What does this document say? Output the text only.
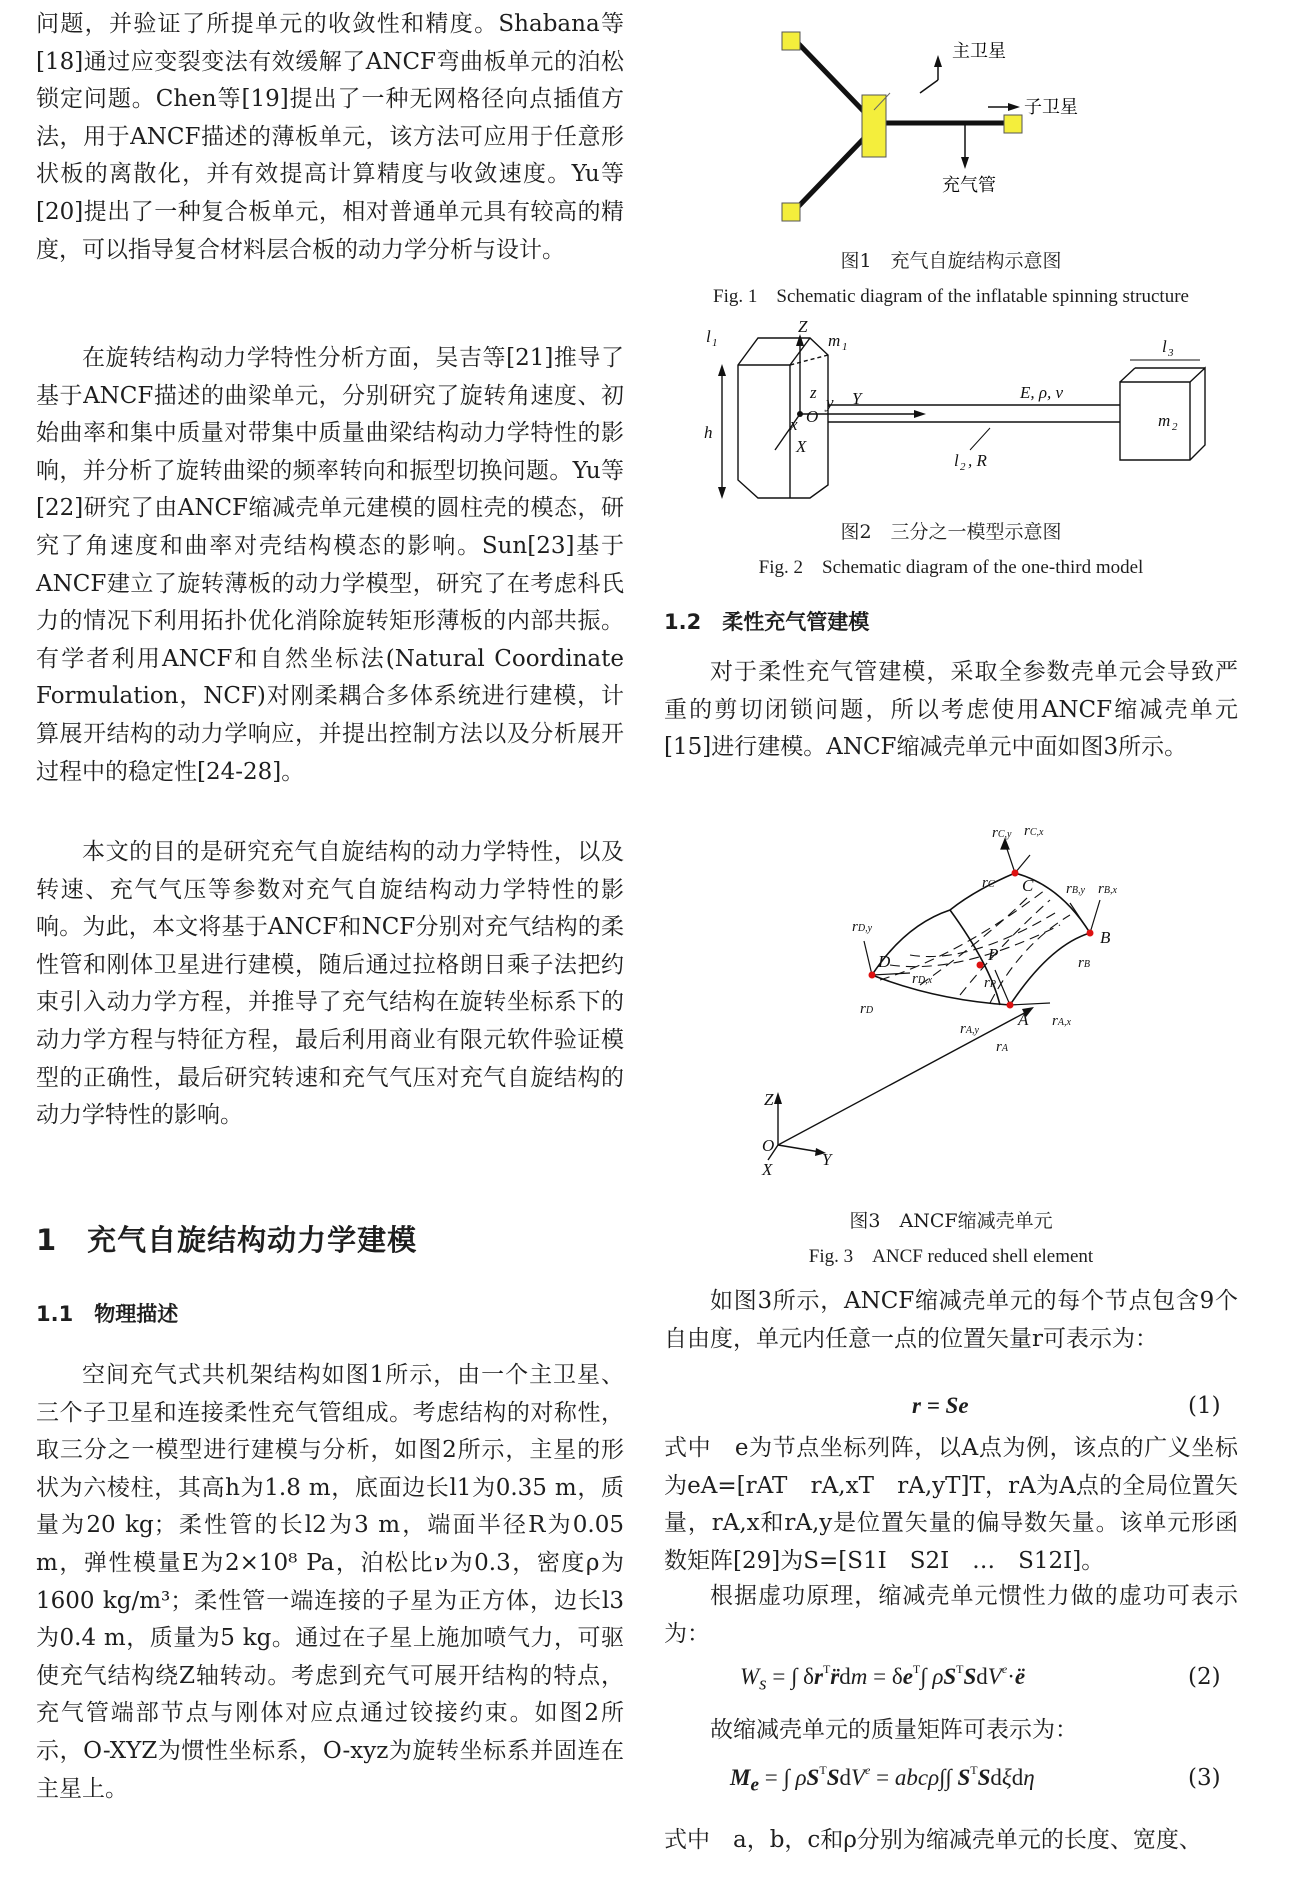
问题，并验证了所提单元的收敛性和精度。Shabana等[18]通过应变裂变法有效缓解了ANCF弯曲板单元的泊松锁定问题。Chen等[19]提出了一种无网格径向点插值方法，用于ANCF描述的薄板单元，该方法可应用于任意形状板的离散化，并有效提高计算精度与收敛速度。Yu等[20]提出了一种复合板单元，相对普通单元具有较高的精度，可以指导复合材料层合板的动力学分析与设计。

在旋转结构动力学特性分析方面，吴吉等[21]推导了基于ANCF描述的曲梁单元，分别研究了旋转角速度、初始曲率和集中质量对带集中质量曲梁结构动力学特性的影响，并分析了旋转曲梁的频率转向和振型切换问题。Yu等[22]研究了由ANCF缩减壳单元建模的圆柱壳的模态，研究了角速度和曲率对壳结构模态的影响。Sun[23]基于ANCF建立了旋转薄板的动力学模型，研究了在考虑科氏力的情况下利用拓扑优化消除旋转矩形薄板的内部共振。有学者利用ANCF和自然坐标法(Natural Coordinate Formulation，NCF)对刚柔耦合多体系统进行建模，计算展开结构的动力学响应，并提出控制方法以及分析展开过程中的稳定性[24-28]。

本文的目的是研究充气自旋结构的动力学特性，以及转速、充气气压等参数对充气自旋结构动力学特性的影响。为此，本文将基于ANCF和NCF分别对充气结构的柔性管和刚体卫星进行建模，随后通过拉格朗日乘子法把约束引入动力学方程，并推导了充气结构在旋转坐标系下的动力学方程与特征方程，最后利用商业有限元软件验证模型的正确性，最后研究转速和充气气压对充气自旋结构的动力学特性的影响。

1　充气自旋结构动力学建模
1.1　物理描述

空间充气式共机架结构如图1所示，由一个主卫星、三个子卫星和连接柔性充气管组成。考虑结构的对称性，取三分之一模型进行建模与分析，如图2所示，主星的形状为六棱柱，其高h为1.8 m，底面边长l1为0.35 m，质量为20 kg；柔性管的长l2为3 m，端面半径R为0.05 m，弹性模量E为2×10⁸ Pa，泊松比ν为0.3，密度ρ为1600 kg/m³；柔性管一端连接的子星为正方体，边长l3为0.4 m，质量为5 kg。通过在子星上施加喷气力，可驱使充气结构绕Z轴转动。考虑到充气可展开结构的特点，充气管端部节点与刚体对应点通过铰接约束。如图2所示，O-XYZ为惯性坐标系，O-xyz为旋转坐标系并固连在主星上。

主卫星
子卫星
充气管
图1　充气自旋结构示意图
Fig. 1　Schematic diagram of the inflatable spinning structure
l 1
Z
m 1
h
z
y Y
O
x
X
E, ρ, ν
l 2 , R
l 3
m 2
图2　三分之一模型示意图
Fig. 2　Schematic diagram of the one-third model
1.2　柔性充气管建模

对于柔性充气管建模，采取全参数壳单元会导致严重的剪切闭锁问题，所以考虑使用ANCF缩减壳单元[15]进行建模。ANCF缩减壳单元中面如图3所示。

rC,y rC,x
rC C rB,y rB,x
B
rB
rD,y
D
rD,x
rD
P
rP
rA,y
A rA,x
rA
Z
O
Y
X
图3　ANCF缩减壳单元
Fig. 3　ANCF reduced shell element

如图3所示，ANCF缩减壳单元的每个节点包含9个自由度，单元内任意一点的位置矢量r可表示为：

r = Se	(1)

式中　e为节点坐标列阵，以A点为例，该点的广义坐标为eA=[rAT　rA,xT　rA,yT]T，rA为A点的全局位置矢量，rA,x和rA,y是位置矢量的偏导数矢量。该单元形函数矩阵[29]为S=[S1I　S2I　…　S12I]。

根据虚功原理，缩减壳单元惯性力做的虚功可表示为：

$W_s$ = ∫ $\delta r^Tr̈dm = \delta e^T\int$ $\rho S^TSdV^e\cdot ë$	(2)

故缩减壳单元的质量矩阵可表示为：

$M_e$ = ∫ $\rho S^TSdV^e = abc\rho\int\int$ $S^TSd\xi d\eta$	(3)

式中　a，b，c和ρ分别为缩减壳单元的长度、宽度、
